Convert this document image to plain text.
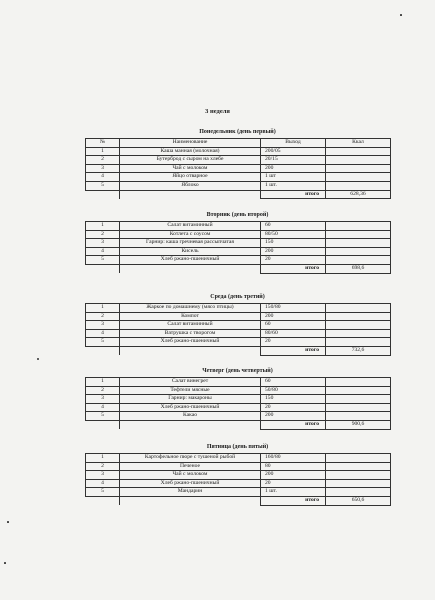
3 неделя
Понедельник (день первый)
№	Наименование	Выход	Ккал
1	Каша манная (молочная)	200/05	
2	Бутерброд с сыром на хлебе	20/15	
3	Чай с молоком	200	
4	Яйцо отварное	1 шт	
5	Яблоко	1 шт.	
		итого	628,36
Вторник (день второй)
1	Салат витаминный	60	
2	Котлета с соусом	80/50	
3	Гарнир: каша гречневая рассыпчатая	150	
4	Кисель	200	
5	Хлеб ржано-пшеничный	20	
		итого	698,6
Среда (день третий)
1	Жаркое по домашнему (мясо птицы)	150/80	
2	Компот	200	
3	Салат витаминный	60	
4	Ватрушка с творогом	80/60	
5	Хлеб ржано-пшеничный	20	
		итого	732,6
Четверг (день четвертый)
1	Салат винегрет	60	
2	Тефтели мясные	50/80	
3	Гарнир: макароны	150	
4	Хлеб ржано-пшеничный	20	
5	Какао	200	
		итого	900,6
Пятница (день пятый)
1	Картофельное пюре с тушеной рыбой	160/80	
2	Печеное	80	
3	Чай с молоком	200	
4	Хлеб ржано-пшеничный	20	
5	Мандарин	1 шт.	
		итого	650,6
